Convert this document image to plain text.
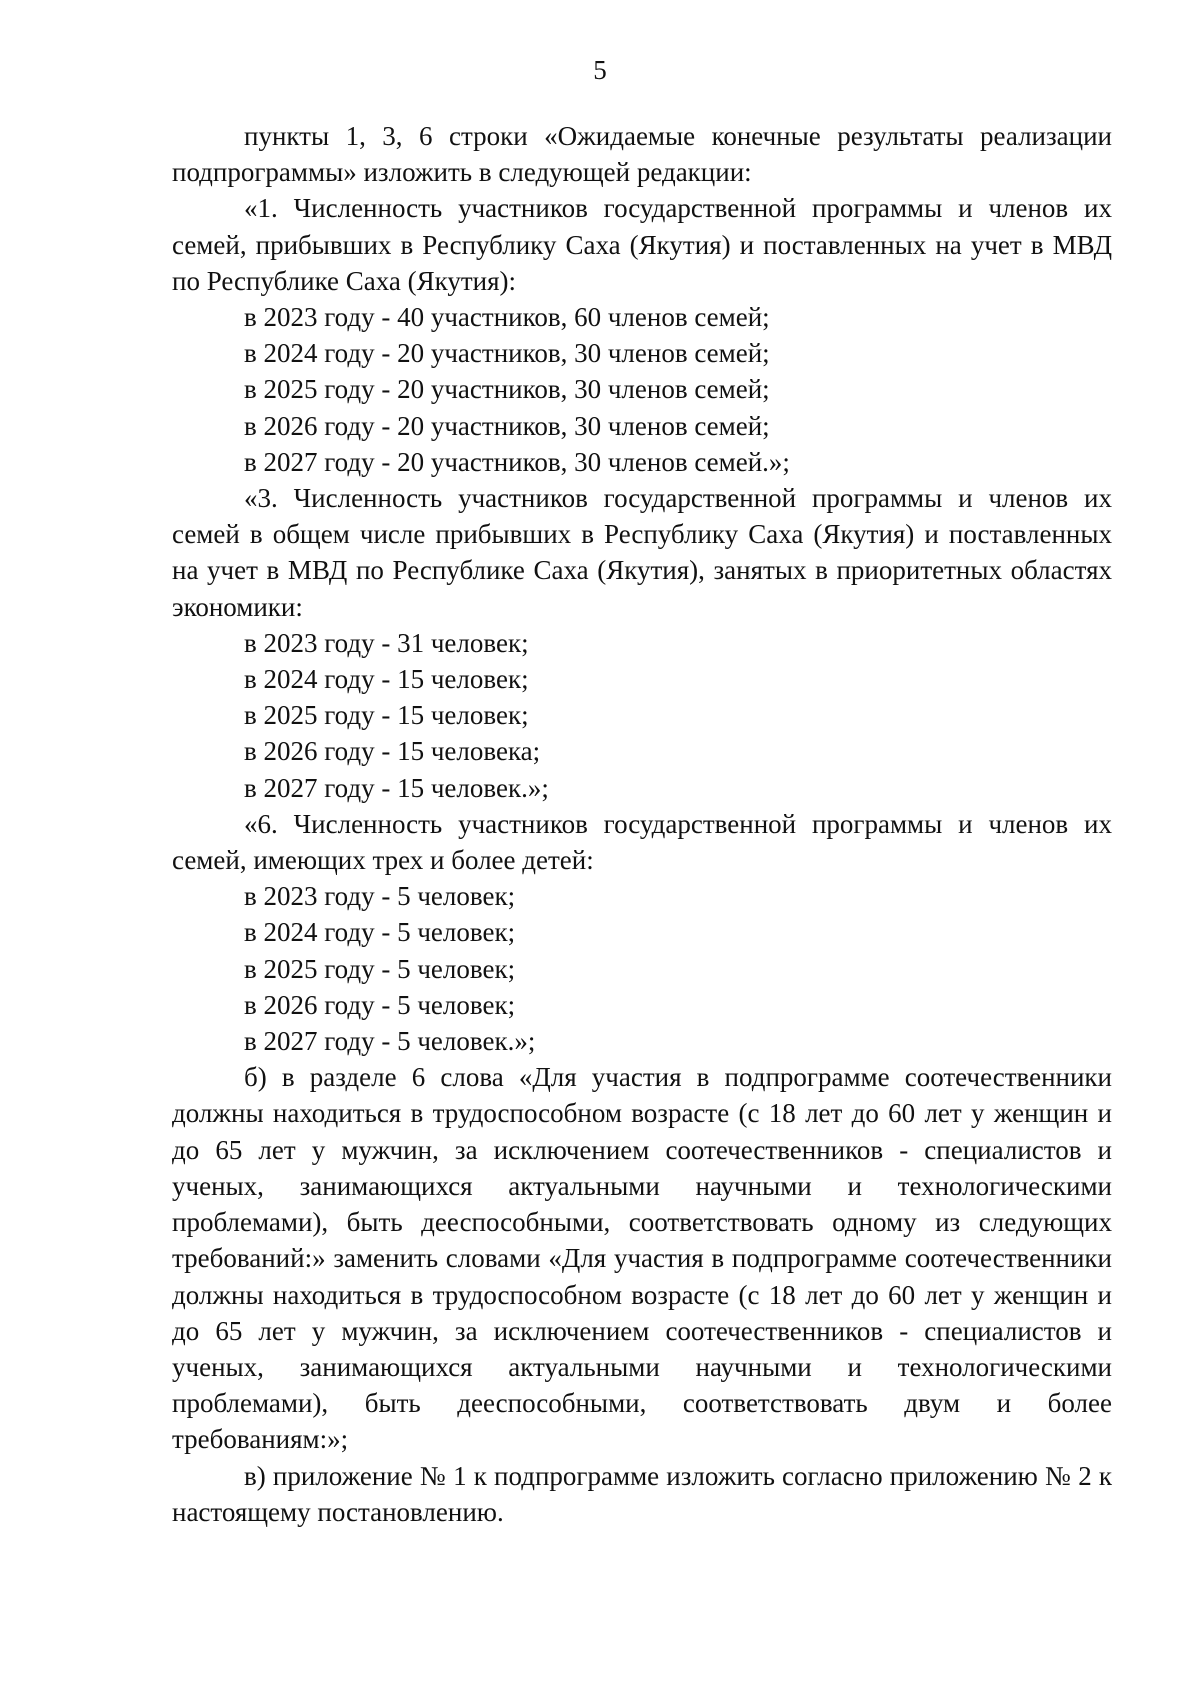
5

пункты 1, 3, 6 строки «Ожидаемые конечные результаты реализации подпрограммы» изложить в следующей редакции:

«1. Численность участников государственной программы и членов их семей, прибывших в Республику Саха (Якутия) и поставленных на учет в МВД по Республике Саха (Якутия):

в 2023 году - 40 участников, 60 членов семей;

в 2024 году - 20 участников, 30 членов семей;

в 2025 году - 20 участников, 30 членов семей;

в 2026 году - 20 участников, 30 членов семей;

в 2027 году - 20 участников, 30 членов семей.»;

«3. Численность участников государственной программы и членов их семей в общем числе прибывших в Республику Саха (Якутия) и поставленных на учет в МВД по Республике Саха (Якутия), занятых в приоритетных областях экономики:

в 2023 году - 31 человек;

в 2024 году - 15 человек;

в 2025 году - 15 человек;

в 2026 году - 15 человека;

в 2027 году - 15 человек.»;

«6. Численность участников государственной программы и членов их семей, имеющих трех и более детей:

в 2023 году - 5 человек;

в 2024 году - 5 человек;

в 2025 году - 5 человек;

в 2026 году - 5 человек;

в 2027 году - 5 человек.»;

б) в разделе 6 слова «Для участия в подпрограмме соотечественники должны находиться в трудоспособном возрасте (с 18 лет до 60 лет у женщин и до 65 лет у мужчин, за исключением соотечественников - специалистов и ученых, занимающихся актуальными научными и технологическими проблемами), быть дееспособными, соответствовать одному из следующих требований:» заменить словами «Для участия в подпрограмме соотечественники должны находиться в трудоспособном возрасте (с 18 лет до 60 лет у женщин и до 65 лет у мужчин, за исключением соотечественников - специалистов и ученых, занимающихся актуальными научными и технологическими проблемами), быть дееспособными, соответствовать двум и более требованиям:»;

в) приложение № 1 к подпрограмме изложить согласно приложению № 2 к настоящему постановлению.
